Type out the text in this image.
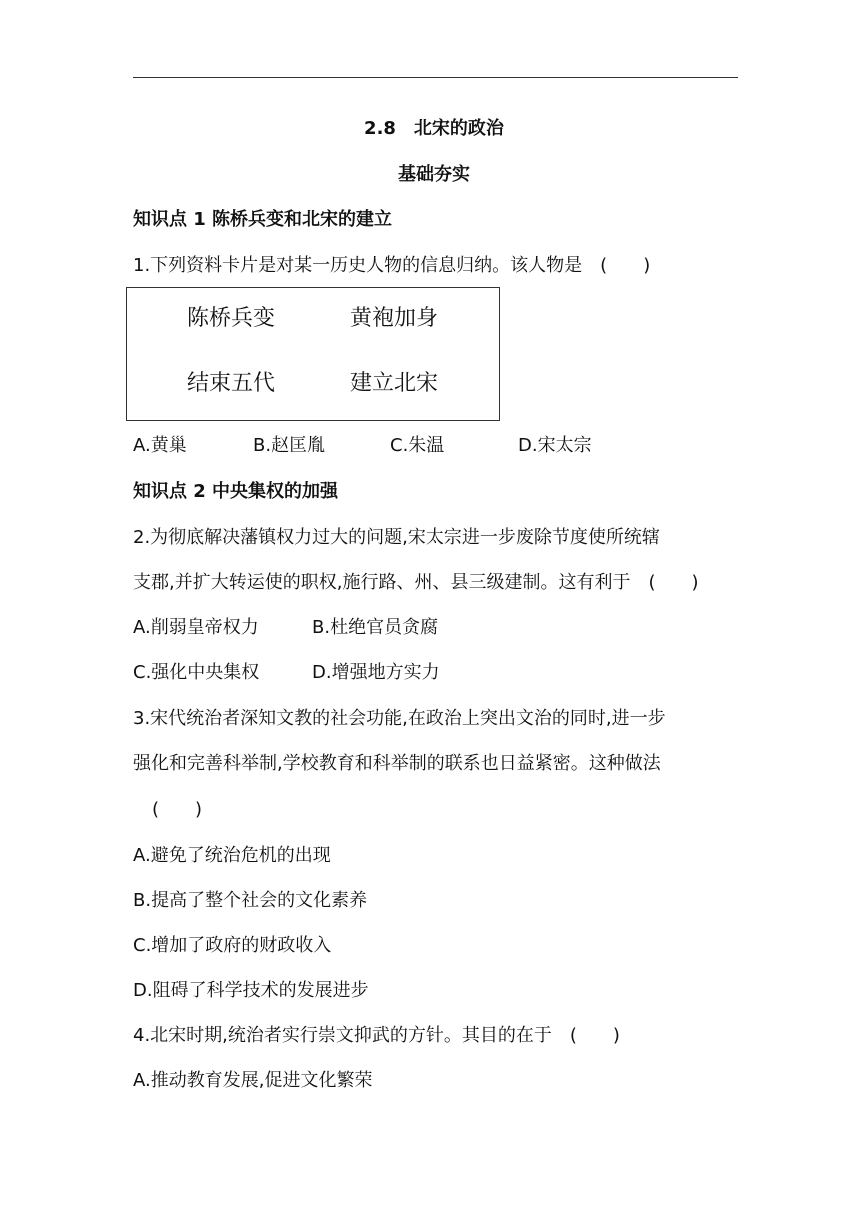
2.8　北宋的政治
基础夯实
知识点 1 陈桥兵变和北宋的建立
1.下列资料卡片是对某一历史人物的信息归纳。该人物是　(　　)
陈桥兵变	黄袍加身
结束五代	建立北宋
A.黄巢	B.赵匡胤	C.朱温	D.宋太宗
知识点 2 中央集权的加强
2.为彻底解决藩镇权力过大的问题,宋太宗进一步废除节度使所统辖
支郡,并扩大转运使的职权,施行路、州、县三级建制。这有利于　(　　)
A.削弱皇帝权力	B.杜绝官员贪腐
C.强化中央集权	D.增强地方实力
3.宋代统治者深知文教的社会功能,在政治上突出文治的同时,进一步
强化和完善科举制,学校教育和科举制的联系也日益紧密。这种做法
(　　)
A.避免了统治危机的出现
B.提高了整个社会的文化素养
C.增加了政府的财政收入
D.阻碍了科学技术的发展进步
4.北宋时期,统治者实行崇文抑武的方针。其目的在于　(　　)
A.推动教育发展,促进文化繁荣
